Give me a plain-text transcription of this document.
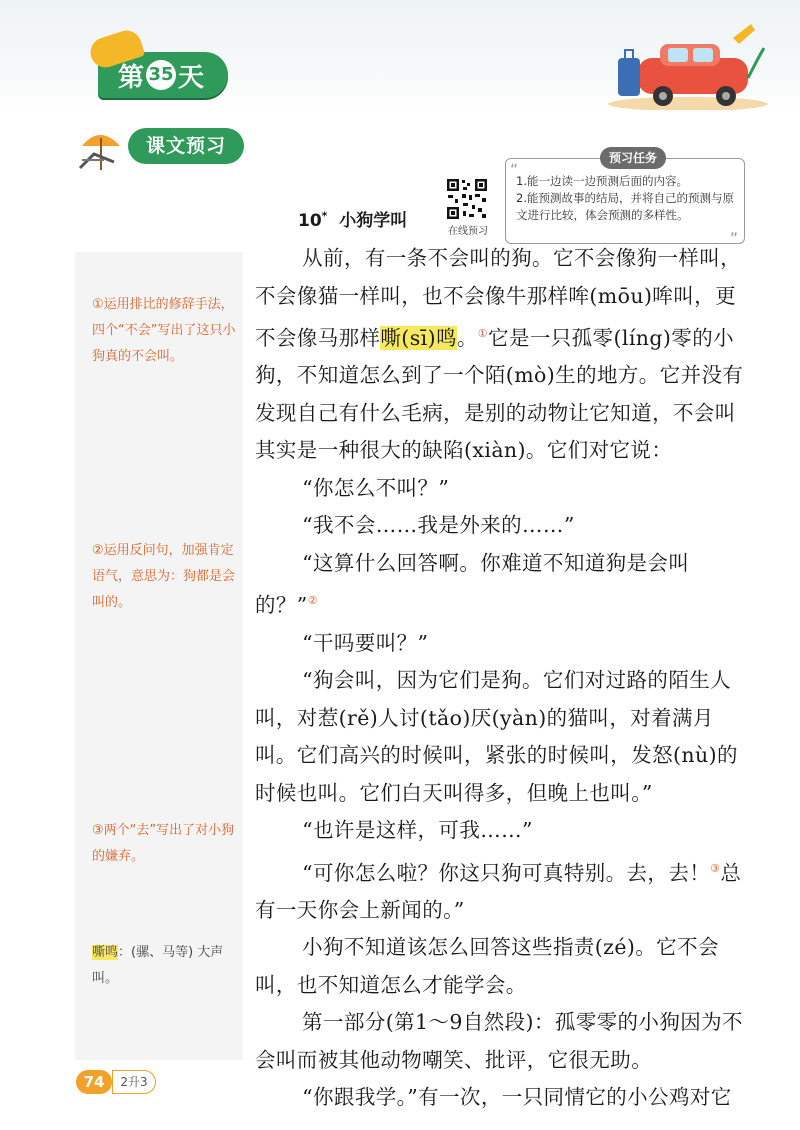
第 35 天
课文预习
预习任务
“
1.能一边读一边预测后面的内容。
2.能预测故事的结局，并将自己的预测与原文进行比较，体会预测的多样性。
”
在线预习
10* 小狗学叫
①运用排比的修辞手法，四个“不会”写出了这只小狗真的不会叫。
②运用反问句，加强肯定语气，意思为：狗都是会叫的。
③两个“去”写出了对小狗的嫌弃。
嘶鸣：(骡、马等) 大声叫。

从前，有一条不会叫的狗。它不会像狗一样叫，不会像猫一样叫，也不会像牛那样哞(mōu)哞叫，更不会像马那样嘶(sī)鸣。①它是一只孤零(líng)零的小狗，不知道怎么到了一个陌(mò)生的地方。它并没有发现自己有什么毛病，是别的动物让它知道，不会叫其实是一种很大的缺陷(xiàn)。它们对它说：

“你怎么不叫？”

“我不会……我是外来的……”

“这算什么回答啊。你难道不知道狗是会叫的？”②

“干吗要叫？”

“狗会叫，因为它们是狗。它们对过路的陌生人叫，对惹(rě)人讨(tǎo)厌(yàn)的猫叫，对着满月叫。它们高兴的时候叫，紧张的时候叫，发怒(nù)的时候也叫。它们白天叫得多，但晚上也叫。”

“也许是这样，可我……”

“可你怎么啦？你这只狗可真特别。去，去！③总有一天你会上新闻的。”

小狗不知道该怎么回答这些指责(zé)。它不会叫，也不知道怎么才能学会。

第一部分(第1～9自然段)：孤零零的小狗因为不会叫而被其他动物嘲笑、批评，它很无助。

“你跟我学。”有一次，一只同情它的小公鸡对它

74	2升3
